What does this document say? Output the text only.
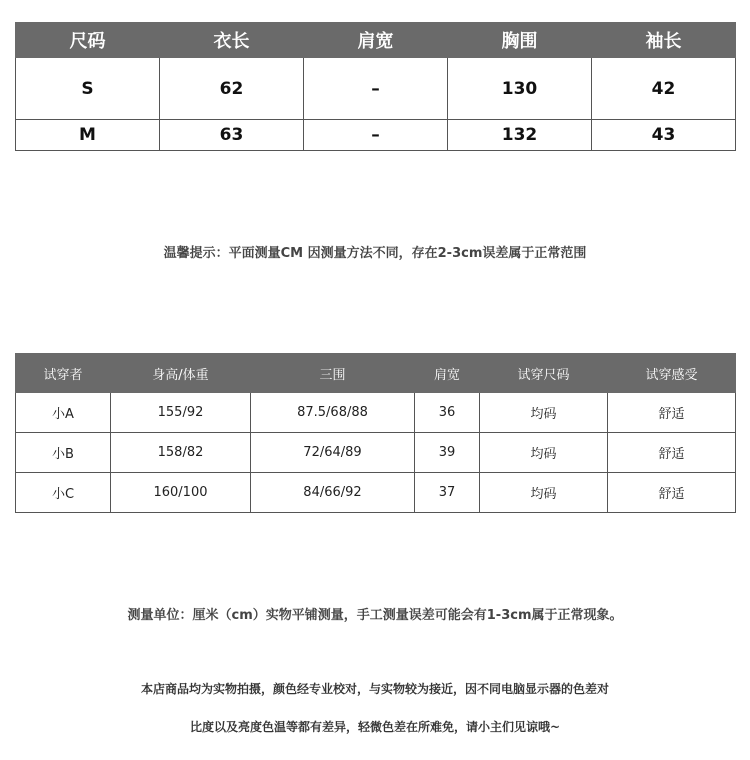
尺码	衣长	肩宽	胸围	袖长
S	62	–	130	42
M	63	–	132	43
温馨提示：平面测量CM 因测量方法不同，存在2-3cm误差属于正常范围
试穿者	身高/体重	三围	肩宽	试穿尺码	试穿感受
小A	155/92	87.5/68/88	36	均码	舒适
小B	158/82	72/64/89	39	均码	舒适
小C	160/100	84/66/92	37	均码	舒适
测量单位：厘米（cm）实物平铺测量，手工测量误差可能会有1-3cm属于正常现象。
本店商品均为实物拍摄，颜色经专业校对，与实物较为接近，因不同电脑显示器的色差对
比度以及亮度色温等都有差异，轻微色差在所难免，请小主们见谅哦~
